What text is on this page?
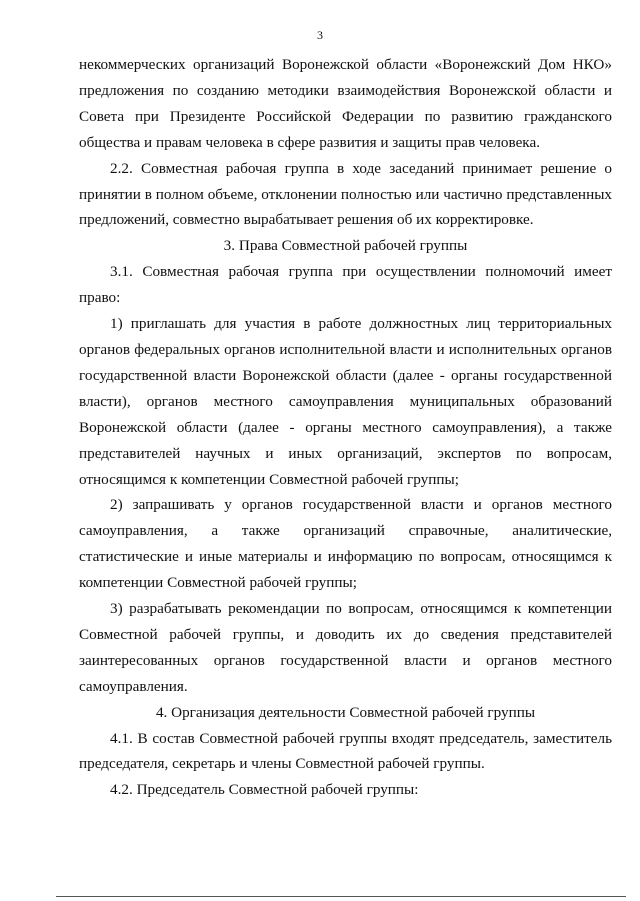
3

некоммерческих организаций Воронежской области «Воронежский Дом НКО» предложения по созданию методики взаимодействия Воронежской области и Совета при Президенте Российской Федерации по развитию гражданского общества и правам человека в сфере развития и защиты прав человека.

2.2. Совместная рабочая группа в ходе заседаний принимает решение о принятии в полном объеме, отклонении полностью или частично представленных предложений, совместно вырабатывает решения об их корректировке.

3. Права Совместной рабочей группы

3.1. Совместная рабочая группа при осуществлении полномочий имеет право:

1) приглашать для участия в работе должностных лиц территориальных органов федеральных органов исполнительной власти и исполнительных органов государственной власти Воронежской области (далее - органы государственной власти), органов местного самоуправления муниципальных образований Воронежской области (далее - органы местного самоуправления), а также представителей научных и иных организаций, экспертов по вопросам, относящимся к компетенции Совместной рабочей группы;

2) запрашивать у органов государственной власти и органов местного самоуправления, а также организаций справочные, аналитические, статистические и иные материалы и информацию по вопросам, относящимся к компетенции Совместной рабочей группы;

3) разрабатывать рекомендации по вопросам, относящимся к компетенции Совместной рабочей группы, и доводить их до сведения представителей заинтересованных органов государственной власти и органов местного самоуправления.

4. Организация деятельности Совместной рабочей группы

4.1. В состав Совместной рабочей группы входят председатель, заместитель председателя, секретарь и члены Совместной рабочей группы.

4.2. Председатель Совместной рабочей группы:
